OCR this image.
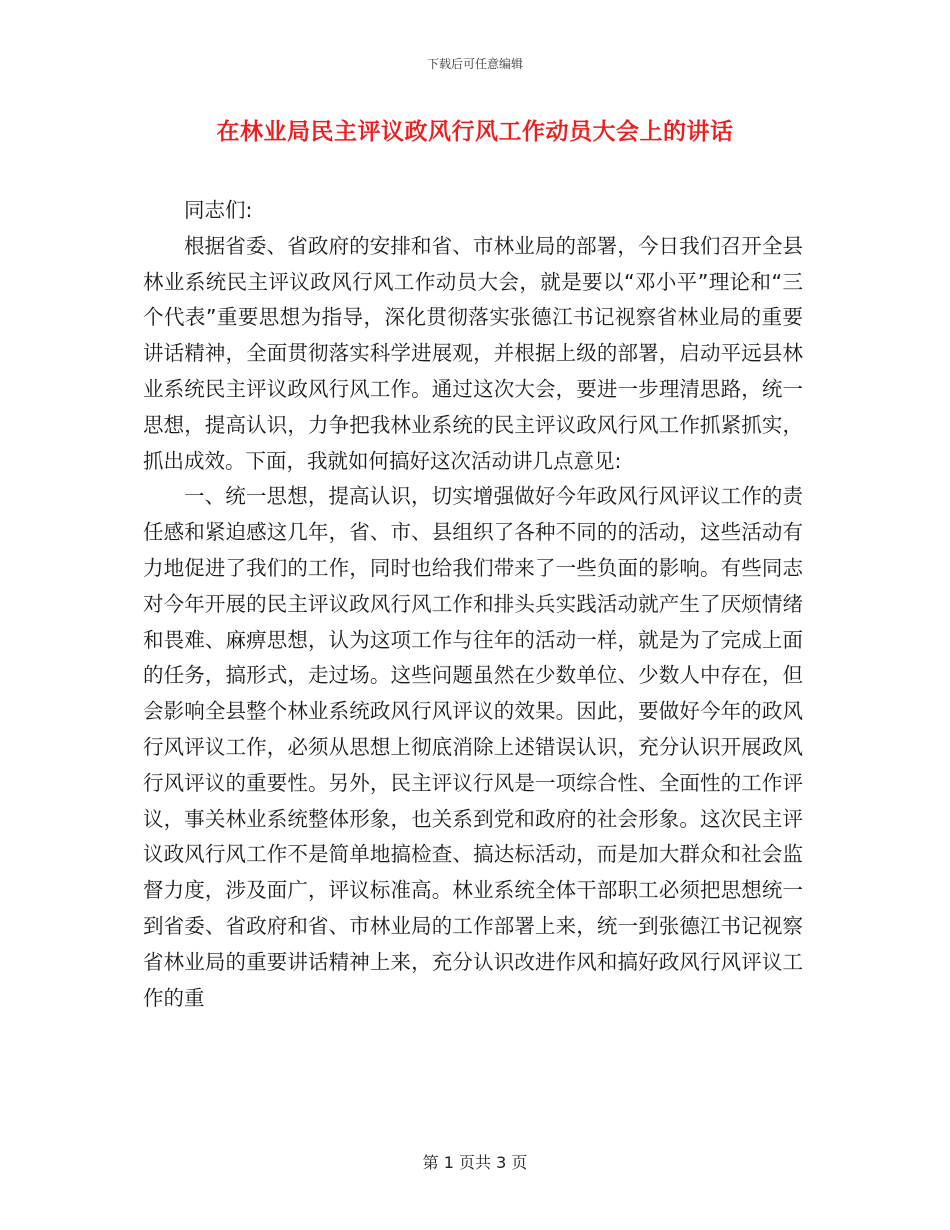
下载后可任意编辑
在林业局民主评议政风行风工作动员大会上的讲话

同志们:

根据省委、省政府的安排和省、市林业局的部署，今日我们召开全县林业系统民主评议政风行风工作动员大会，就是要以“邓小平”理论和“三个代表”重要思想为指导，深化贯彻落实张德江书记视察省林业局的重要讲话精神，全面贯彻落实科学进展观，并根据上级的部署，启动平远县林业系统民主评议政风行风工作。通过这次大会，要进一步理清思路，统一思想，提高认识，力争把我林业系统的民主评议政风行风工作抓紧抓实，抓出成效。下面，我就如何搞好这次活动讲几点意见:

一、统一思想，提高认识，切实增强做好今年政风行风评议工作的责任感和紧迫感这几年，省、市、县组织了各种不同的的活动，这些活动有力地促进了我们的工作，同时也给我们带来了一些负面的影响。有些同志对今年开展的民主评议政风行风工作和排头兵实践活动就产生了厌烦情绪和畏难、麻痹思想，认为这项工作与往年的活动一样，就是为了完成上面的任务，搞形式，走过场。这些问题虽然在少数单位、少数人中存在，但会影响全县整个林业系统政风行风评议的效果。因此，要做好今年的政风行风评议工作，必须从思想上彻底消除上述错误认识，充分认识开展政风行风评议的重要性。另外，民主评议行风是一项综合性、全面性的工作评议，事关林业系统整体形象，也关系到党和政府的社会形象。这次民主评议政风行风工作不是简单地搞检查、搞达标活动，而是加大群众和社会监督力度，涉及面广，评议标准高。林业系统全体干部职工必须把思想统一到省委、省政府和省、市林业局的工作部署上来，统一到张德江书记视察省林业局的重要讲话精神上来，充分认识改进作风和搞好政风行风评议工作的重

第 1 页共 3 页
